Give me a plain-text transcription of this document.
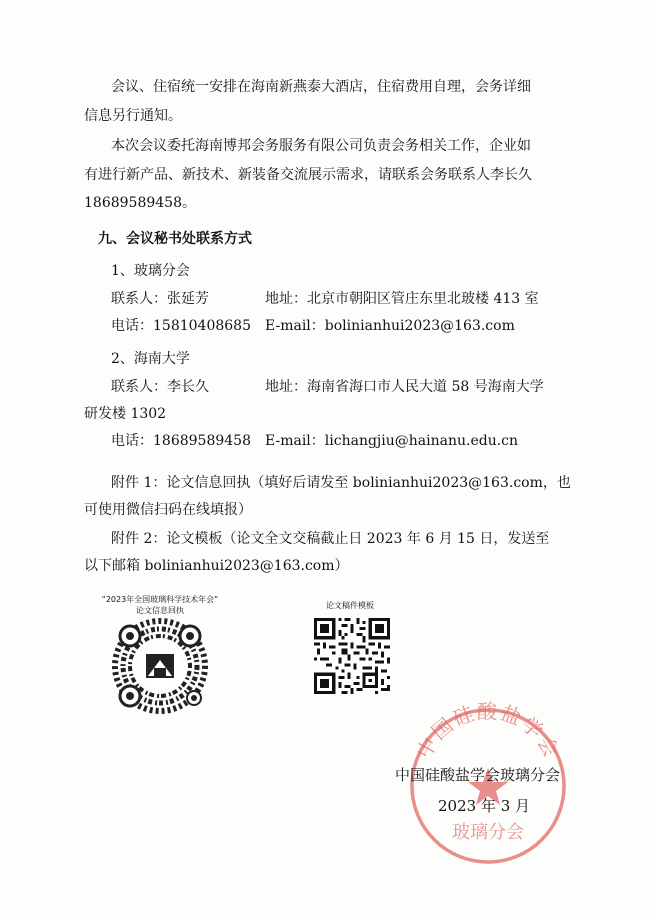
会议、住宿统一安排在海南新燕泰大酒店，住宿费用自理，会务详细
信息另行通知。
本次会议委托海南博邦会务服务有限公司负责会务相关工作，企业如
有进行新产品、新技术、新装备交流展示需求，请联系会务联系人李长久
18689589458。
九、会议秘书处联系方式
1、玻璃分会
联系人：张延芳	地址：北京市朝阳区管庄东里北玻楼 413 室
电话：15810408685 E-mail：bolinianhui2023@163.com
2、海南大学
联系人：李长久	地址：海南省海口市人民大道 58 号海南大学
研发楼 1302
电话：18689589458 E-mail：lichangjiu@hainanu.edu.cn
附件 1：论文信息回执（填好后请发至 bolinianhui2023@163.com，也
可使用微信扫码在线填报）
附件 2：论文模板（论文全文交稿截止日 2023 年 6 月 15 日，发送至
以下邮箱 bolinianhui2023@163.com）
“2023年全国玻璃科学技术年会”
论文信息回执
论文稿件模板
中国硅酸盐学会
玻璃分会
中国硅酸盐学会玻璃分会
2023 年 3 月
